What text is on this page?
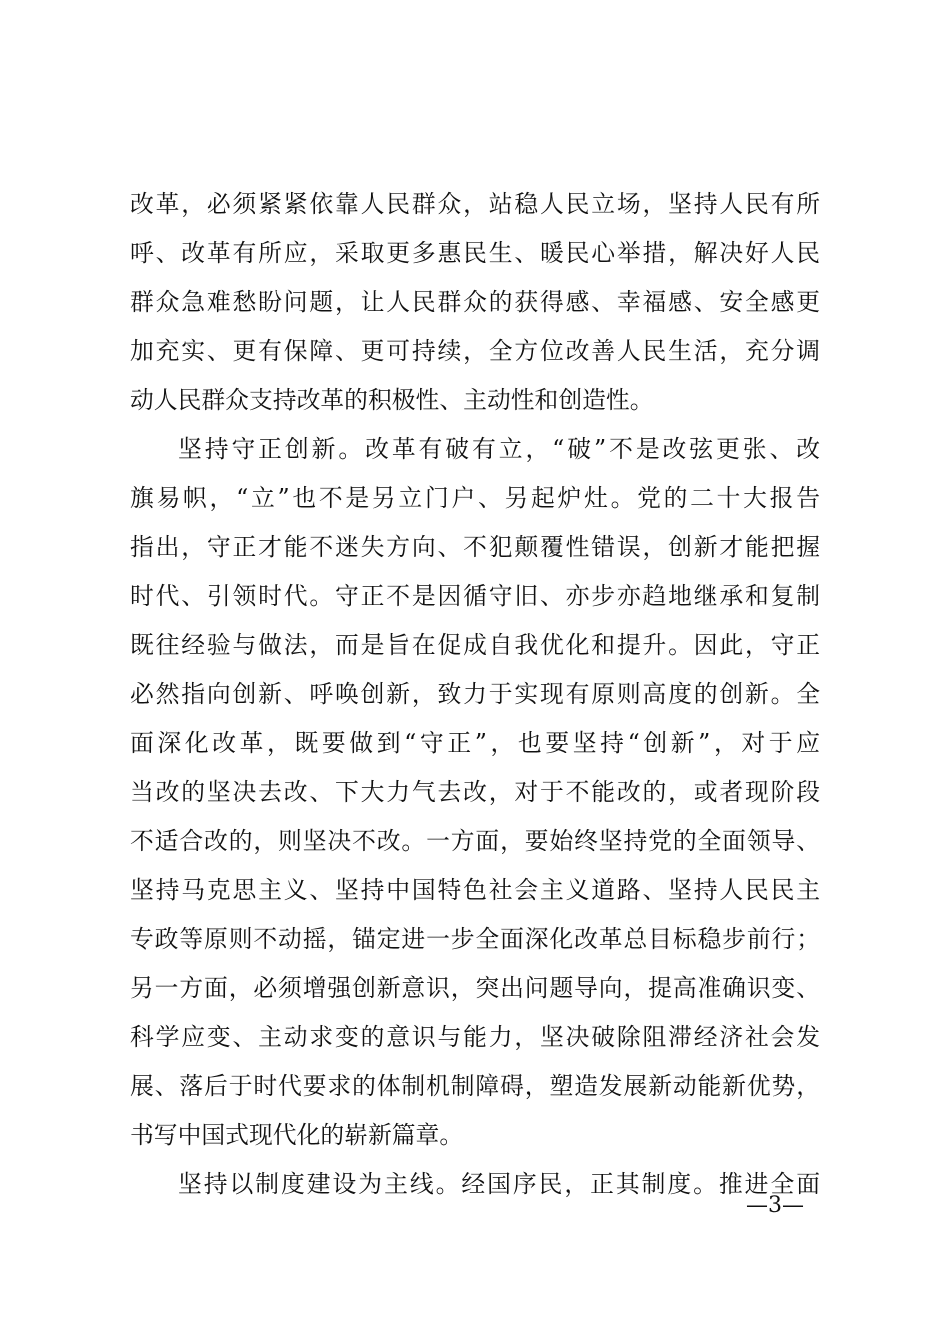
改革，必须紧紧依靠人民群众，站稳人民立场，坚持人民有所
呼、改革有所应，采取更多惠民生、暖民心举措，解决好人民
群众急难愁盼问题，让人民群众的获得感、幸福感、安全感更
加充实、更有保障、更可持续，全方位改善人民生活，充分调
动人民群众支持改革的积极性、主动性和创造性。
坚持守正创新。改革有破有立，“破”不是改弦更张、改
旗易帜，“立”也不是另立门户、另起炉灶。党的二十大报告
指出，守正才能不迷失方向、不犯颠覆性错误，创新才能把握
时代、引领时代。守正不是因循守旧、亦步亦趋地继承和复制
既往经验与做法，而是旨在促成自我优化和提升。因此，守正
必然指向创新、呼唤创新，致力于实现有原则高度的创新。全
面深化改革，既要做到“守正”，也要坚持“创新”，对于应
当改的坚决去改、下大力气去改，对于不能改的，或者现阶段
不适合改的，则坚决不改。一方面，要始终坚持党的全面领导、
坚持马克思主义、坚持中国特色社会主义道路、坚持人民民主
专政等原则不动摇，锚定进一步全面深化改革总目标稳步前行；
另一方面，必须增强创新意识，突出问题导向，提高准确识变、
科学应变、主动求变的意识与能力，坚决破除阻滞经济社会发
展、落后于时代要求的体制机制障碍，塑造发展新动能新优势，
书写中国式现代化的崭新篇章。
坚持以制度建设为主线。经国序民，正其制度。推进全面
—3—
